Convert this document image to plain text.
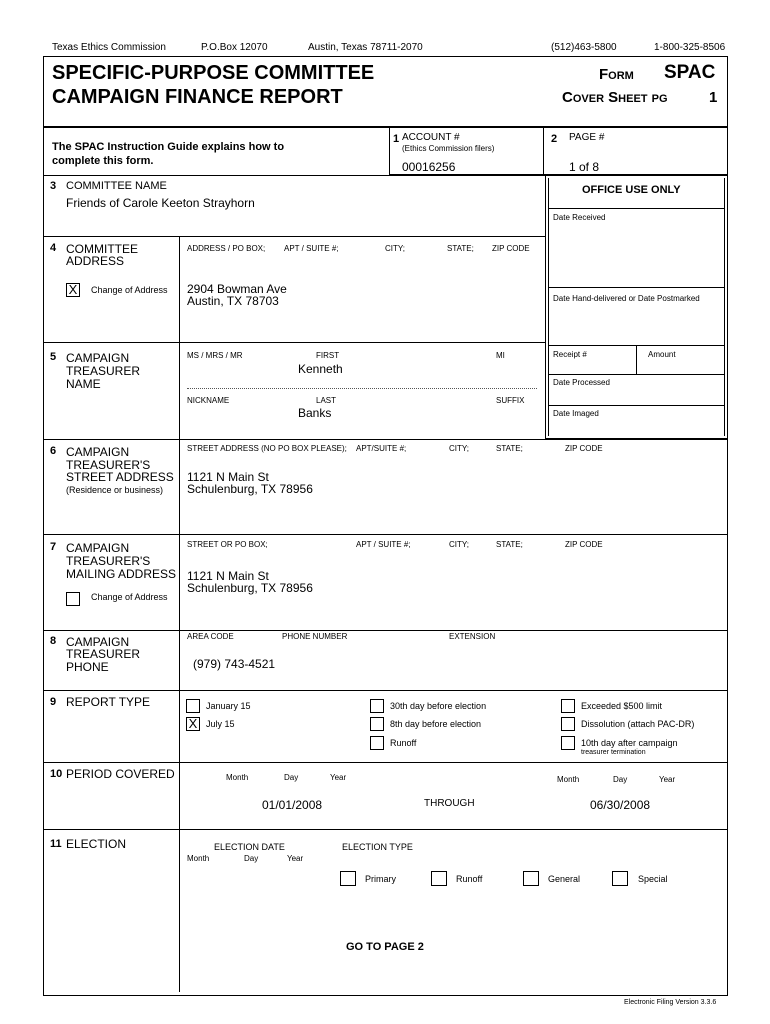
Texas Ethics Commission	P.O.Box 12070	Austin, Texas 78711-2070	(512)463-5800	1-800-325-8506
SPECIFIC-PURPOSE COMMITTEE
CAMPAIGN FINANCE REPORT
Form SPAC
Cover Sheet pg	1
The SPAC Instruction Guide explains how to complete this form.
1 ACCOUNT #
(Ethics Commission filers)
00016256
2 PAGE #
1 of 8
3 COMMITTEE NAME
Friends of Carole Keeton Strayhorn
OFFICE USE ONLY
Date Received
Date Hand-delivered or Date Postmarked
Receipt #	Amount
Date Processed
Date Imaged
4 COMMITTEE
ADDRESS
ADDRESS / PO BOX; APT / SUITE #;	CITY;	STATE; ZIP CODE
X Change of Address 2904 Bowman Ave
Austin, TX 78703
5 CAMPAIGN
TREASURER
NAME
MS / MRS / MR	FIRST	MI
Kenneth
NICKNAME	LAST	SUFFIX
Banks
6 CAMPAIGN
TREASURER'S
STREET ADDRESS
(Residence or business)
STREET ADDRESS (NO PO BOX PLEASE); APT/SUITE #;	CITY;	STATE;	ZIP CODE
1121 N Main St
Schulenburg, TX 78956
7 CAMPAIGN
TREASURER'S
MAILING ADDRESS
Change of Address
STREET OR PO BOX;	APT / SUITE #;	CITY;	STATE;	ZIP CODE
1121 N Main St
Schulenburg, TX 78956
8 CAMPAIGN
TREASURER
PHONE
AREA CODE	PHONE NUMBER	EXTENSION
(979) 743-4521
9 REPORT TYPE	January 15
X July 15
30th day before election
8th day before election
Runoff
Exceeded $500 limit
Dissolution (attach PAC-DR)
10th day after campaign
treasurer termination
10 PERIOD COVERED	Month	Day	Year	Month	Day	Year
01/01/2008	THROUGH	06/30/2008
11 ELECTION	ELECTION DATE
Month	Day	Year
ELECTION TYPE
Primary	Runoff	General	Special
GO TO PAGE 2
Electronic Filing Version 3.3.6
